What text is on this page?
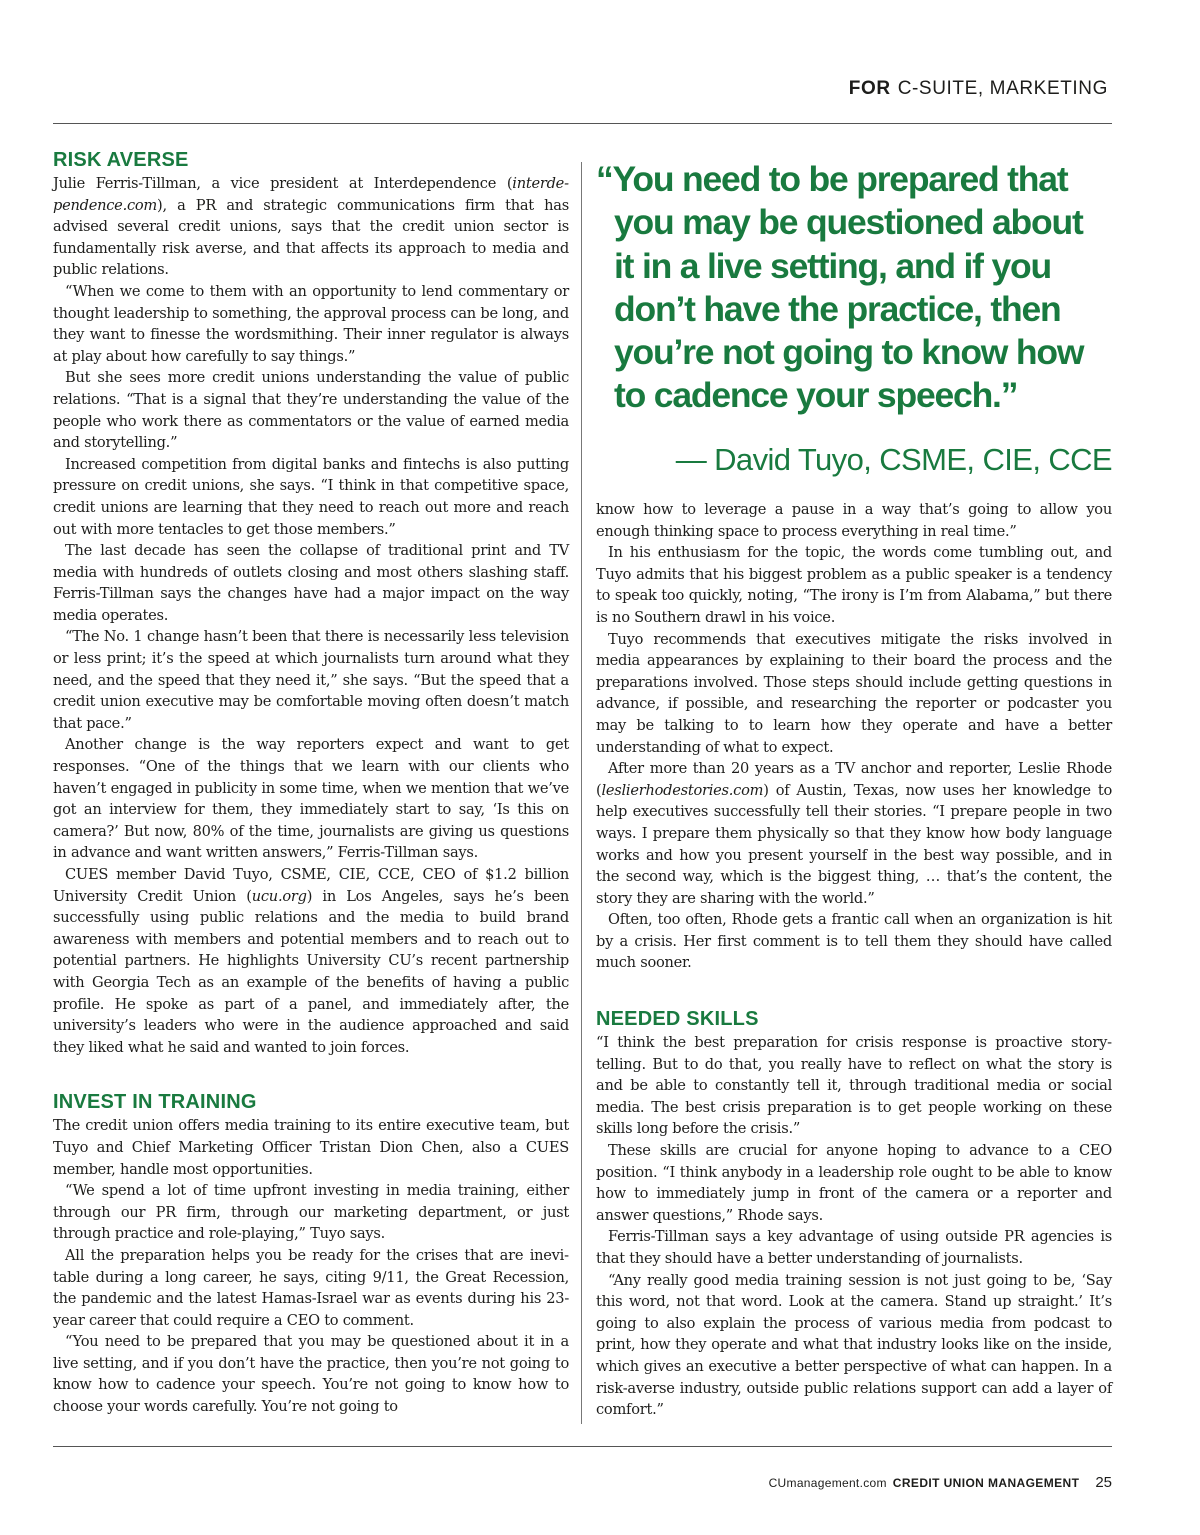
FOR C-SUITE, MARKETING
RISK AVERSE

Julie Ferris-Tillman, a vice president at Interdependence (interdependence.com), a PR and strategic communications firm that has advised several credit unions, says that the credit union sector is fundamentally risk averse, and that affects its approach to media and public relations.

“When we come to them with an opportunity to lend commentary or thought leadership to something, the approval process can be long, and they want to finesse the wordsmithing. Their inner regulator is always at play about how carefully to say things.”

But she sees more credit unions understanding the value of public relations. “That is a signal that they’re understanding the value of the people who work there as commentators or the value of earned media and storytelling.”

Increased competition from digital banks and fintechs is also putting pressure on credit unions, she says. “I think in that competitive space, credit unions are learning that they need to reach out more and reach out with more tentacles to get those members.”

The last decade has seen the collapse of traditional print and TV media with hundreds of outlets closing and most others slashing staff. Ferris-Tillman says the changes have had a major impact on the way media operates.

“The No. 1 change hasn’t been that there is necessarily less television or less print; it’s the speed at which journalists turn around what they need, and the speed that they need it,” she says. “But the speed that a credit union executive may be comfortable moving often doesn’t match that pace.”

Another change is the way reporters expect and want to get responses. “One of the things that we learn with our clients who haven’t engaged in publicity in some time, when we mention that we’ve got an interview for them, they immediately start to say, ‘Is this on camera?’ But now, 80% of the time, journalists are giving us questions in advance and want written answers,” Ferris-Tillman says.

CUES member David Tuyo, CSME, CIE, CCE, CEO of $1.2 billion University Credit Union (ucu.org) in Los Angeles, says he’s been successfully using public relations and the media to build brand awareness with members and potential members and to reach out to potential partners. He highlights University CU’s recent partnership with Georgia Tech as an example of the benefits of having a public profile. He spoke as part of a panel, and immediately after, the university’s leaders who were in the audience approached and said they liked what he said and wanted to join forces.

INVEST IN TRAINING

The credit union offers media training to its entire executive team, but Tuyo and Chief Marketing Officer Tristan Dion Chen, also a CUES member, handle most opportunities.

“We spend a lot of time upfront investing in media training, either through our PR firm, through our marketing department, or just through practice and role-playing,” Tuyo says.

All the preparation helps you be ready for the crises that are inevitable during a long career, he says, citing 9/11, the Great Recession, the pandemic and the latest Hamas-Israel war as events during his 23-year career that could require a CEO to comment.

“You need to be prepared that you may be questioned about it in a live setting, and if you don’t have the practice, then you’re not going to know how to cadence your speech. You’re not going to know how to choose your words carefully. You’re not going to

“You need to be prepared that
you may be questioned about
it in a live setting, and if you
don’t have the practice, then
you’re not going to know how
to cadence your speech.”
— David Tuyo, CSME, CIE, CCE

know how to leverage a pause in a way that’s going to allow you enough thinking space to process everything in real time.”

In his enthusiasm for the topic, the words come tumbling out, and Tuyo admits that his biggest problem as a public speaker is a tendency to speak too quickly, noting, “The irony is I’m from Alabama,” but there is no Southern drawl in his voice.

Tuyo recommends that executives mitigate the risks involved in media appearances by explaining to their board the process and the preparations involved. Those steps should include getting questions in advance, if possible, and researching the reporter or podcaster you may be talking to to learn how they operate and have a better understanding of what to expect.

After more than 20 years as a TV anchor and reporter, Leslie Rhode (leslierhodestories.com) of Austin, Texas, now uses her knowledge to help executives successfully tell their stories. “I prepare people in two ways. I prepare them physically so that they know how body language works and how you present yourself in the best way possible, and in the second way, which is the biggest thing, … that’s the content, the story they are sharing with the world.”

Often, too often, Rhode gets a frantic call when an organization is hit by a crisis. Her first comment is to tell them they should have called much sooner.

NEEDED SKILLS

“I think the best preparation for crisis response is proactive storytelling. But to do that, you really have to reflect on what the story is and be able to constantly tell it, through traditional media or social media. The best crisis preparation is to get people working on these skills long before the crisis.”

These skills are crucial for anyone hoping to advance to a CEO position. “I think anybody in a leadership role ought to be able to know how to immediately jump in front of the camera or a reporter and answer questions,” Rhode says.

Ferris-Tillman says a key advantage of using outside PR agencies is that they should have a better understanding of journalists.

“Any really good media training session is not just going to be, ‘Say this word, not that word. Look at the camera. Stand up straight.’ It’s going to also explain the process of various media from podcast to print, how they operate and what that industry looks like on the inside, which gives an executive a better perspective of what can happen. In a risk-averse industry, outside public relations support can add a layer of comfort.”

CUmanagement.com CREDIT UNION MANAGEMENT 25
